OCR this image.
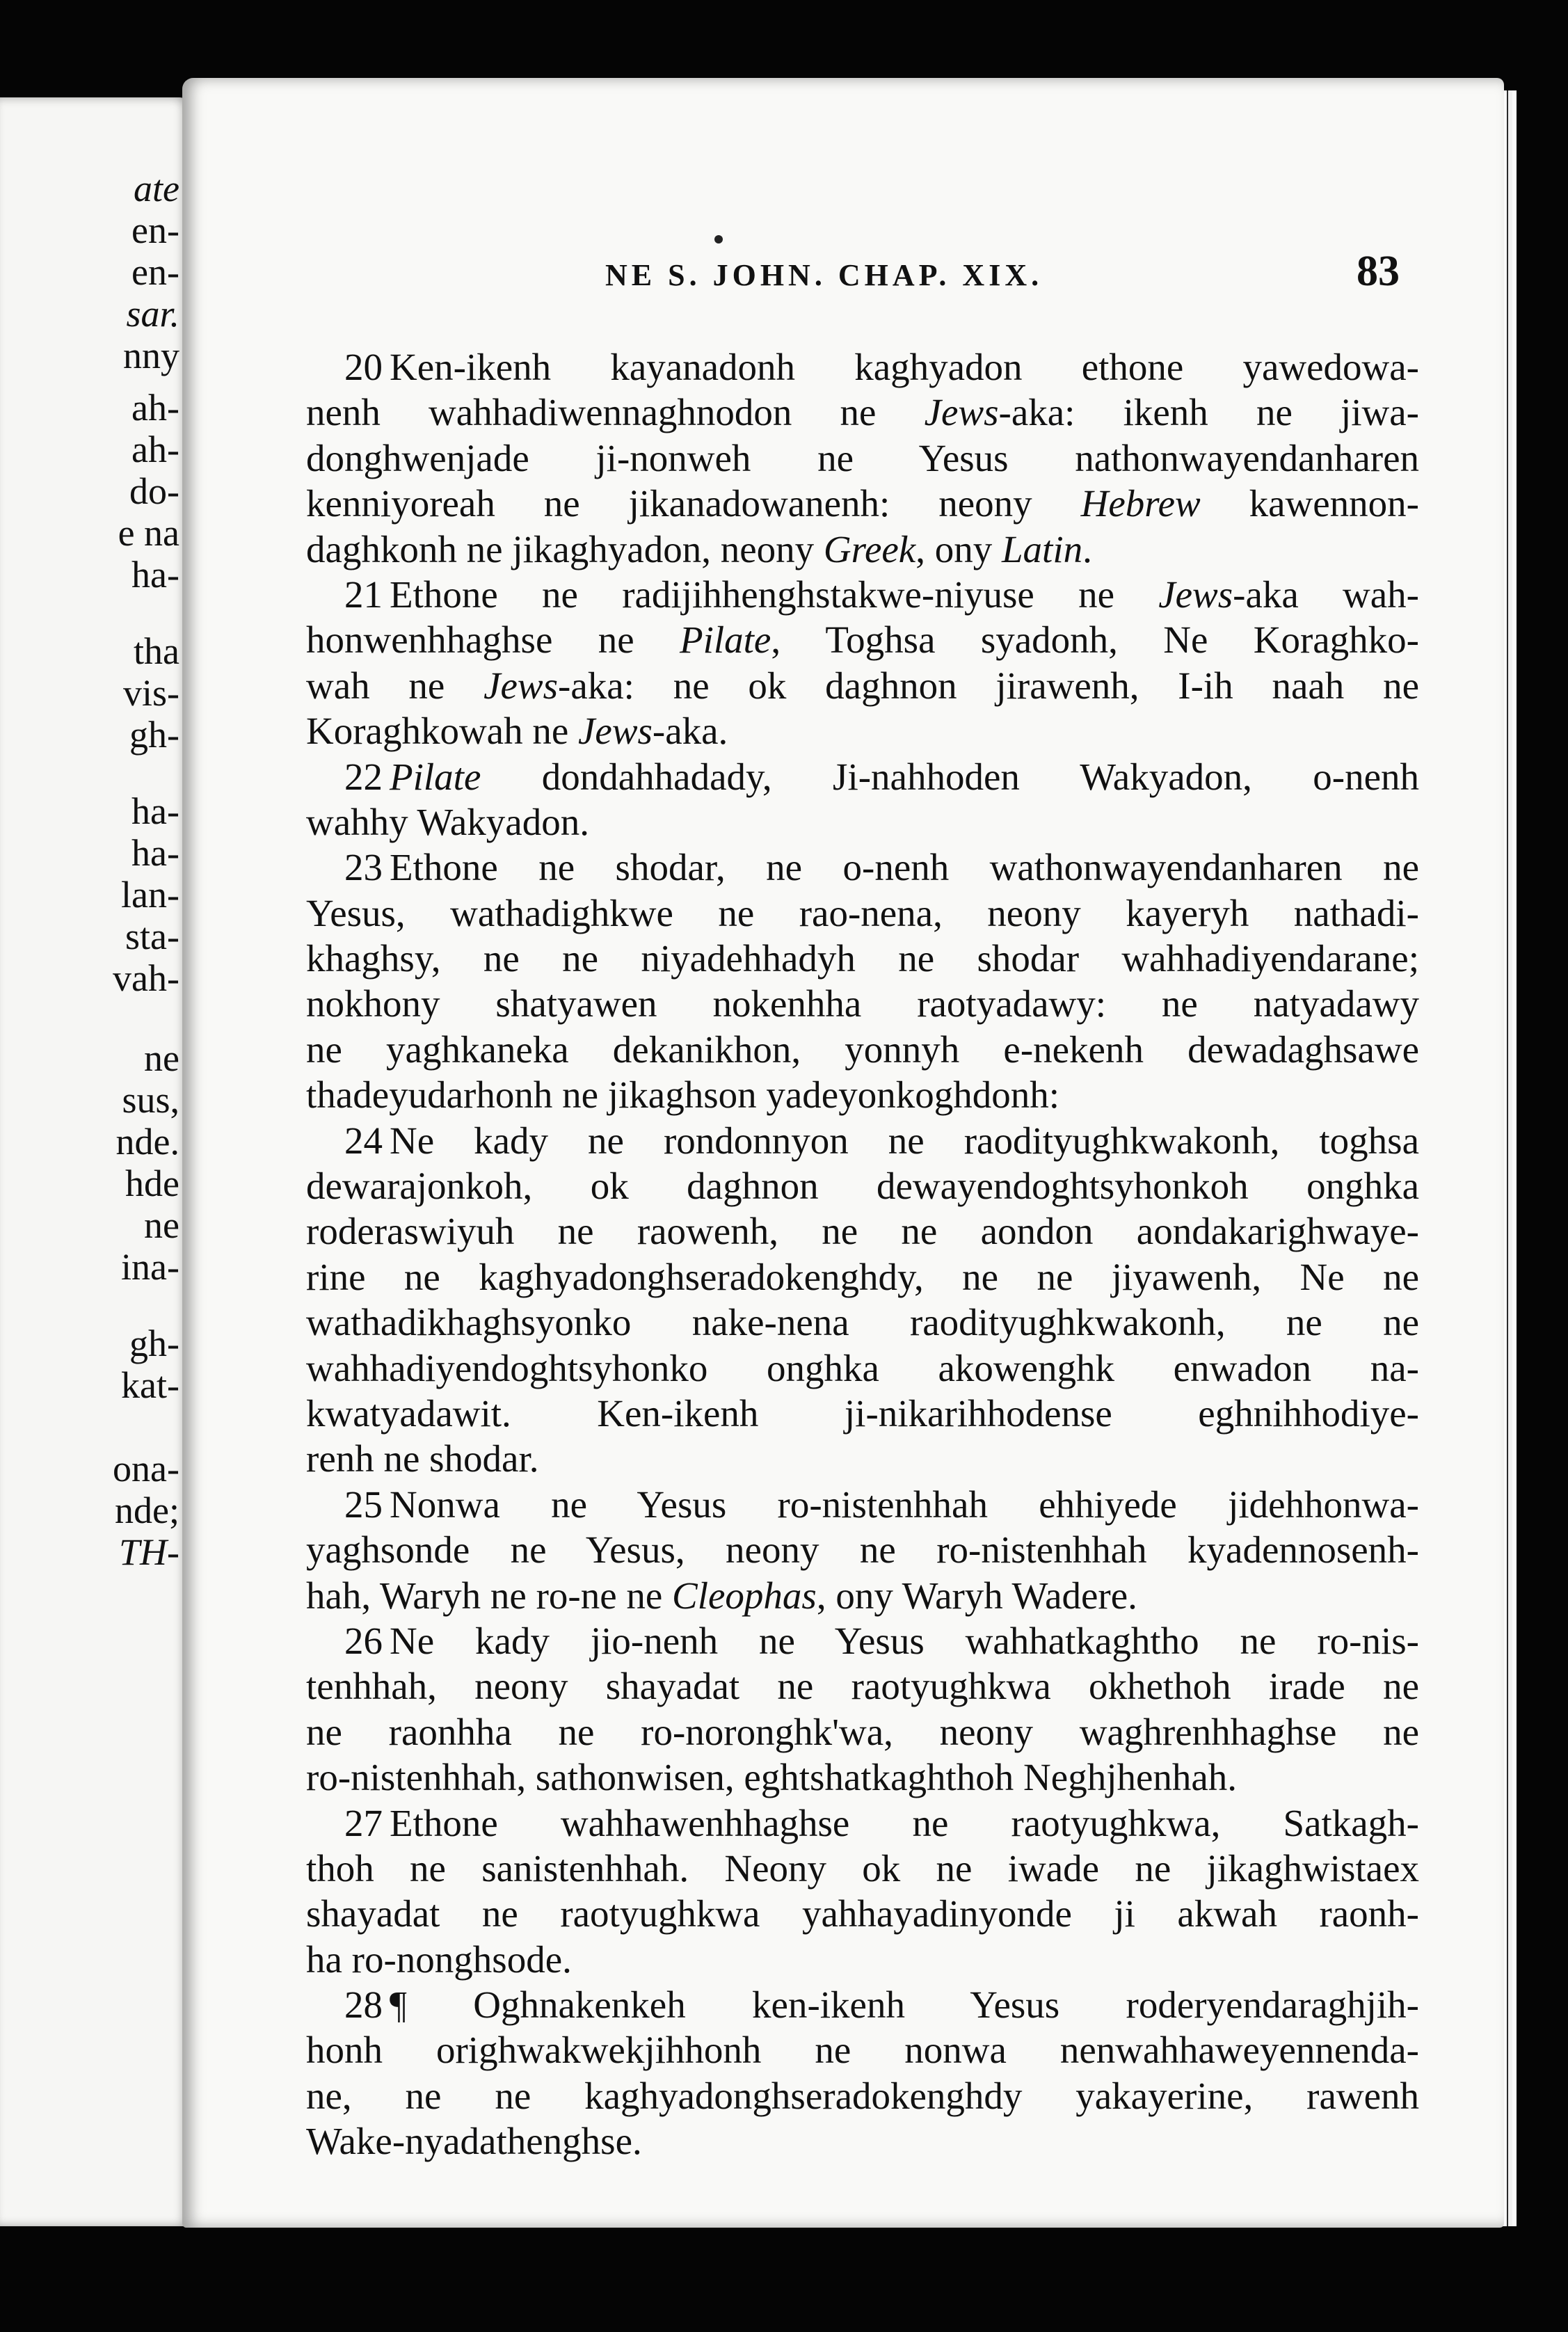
ate
en-
en-
sar.
nny
ah-
ah-
do-
e na
ha-
tha
vis-
gh-
ha-
ha-
lan-
sta-
vah-
ne
sus,
nde.
hde
ne
ina-
gh-
kat-
ona-
nde;
TH-
NE S. JOHN. CHAP. XIX.	83
20 Ken-ikenh kayanadonh kaghyadon ethone yawedowa-
nenh wahhadiwennaghnodon ne Jews-aka: ikenh ne jiwa-
donghwenjade ji-nonweh ne Yesus nathonwayendanharen
kenniyoreah ne jikanadowanenh: neony Hebrew kawennon-
daghkonh ne jikaghyadon, neony Greek, ony Latin.
21 Ethone ne radijihhenghstakwe-niyuse ne Jews-aka wah-
honwenhhaghse ne Pilate, Toghsa syadonh, Ne Koraghko-
wah ne Jews-aka: ne ok daghnon jirawenh, I-ih naah ne
Koraghkowah ne Jews-aka.
22 Pilate dondahhadady, Ji-nahhoden Wakyadon, o-nenh
wahhy Wakyadon.
23 Ethone ne shodar, ne o-nenh wathonwayendanharen ne
Yesus, wathadighkwe ne rao-nena, neony kayeryh nathadi-
khaghsy, ne ne niyadehhadyh ne shodar wahhadiyendarane;
nokhony shatyawen nokenhha raotyadawy: ne natyadawy
ne yaghkaneka dekanikhon, yonnyh e-nekenh dewadaghsawe
thadeyudarhonh ne jikaghson yadeyonkoghdonh:
24 Ne kady ne rondonnyon ne raodityughkwakonh, toghsa
dewarajonkoh, ok daghnon dewayendoghtsyhonkoh onghka
roderaswiyuh ne raowenh, ne ne aondon aondakarighwaye-
rine ne kaghyadonghseradokenghdy, ne ne jiyawenh, Ne ne
wathadikhaghsyonko nake-nena raodityughkwakonh, ne ne
wahhadiyendoghtsyhonko onghka akowenghk enwadon na-
kwatyadawit. Ken-ikenh ji-nikarihhodense eghnihhodiye-
renh ne shodar.
25 Nonwa ne Yesus ro-nistenhhah ehhiyede jidehhonwa-
yaghsonde ne Yesus, neony ne ro-nistenhhah kyadennosenh-
hah, Waryh ne ro-ne ne Cleophas, ony Waryh Wadere.
26 Ne kady jio-nenh ne Yesus wahhatkaghtho ne ro-nis-
tenhhah, neony shayadat ne raotyughkwa okhethoh irade ne
ne raonhha ne ro-noronghk'wa, neony waghrenhhaghse ne
ro-nistenhhah, sathonwisen, eghtshatkaghthoh Neghjhenhah.
27 Ethone wahhawenhhaghse ne raotyughkwa, Satkagh-
thoh ne sanistenhhah. Neony ok ne iwade ne jikaghwistaex
shayadat ne raotyughkwa yahhayadinyonde ji akwah raonh-
ha ro-nonghsode.
28 ¶ Oghnakenkeh ken-ikenh Yesus roderyendaraghjih-
honh orighwakwekjihhonh ne nonwa nenwahhaweyennenda-
ne, ne ne kaghyadonghseradokenghdy yakayerine, rawenh
Wake-nyadathenghse.
